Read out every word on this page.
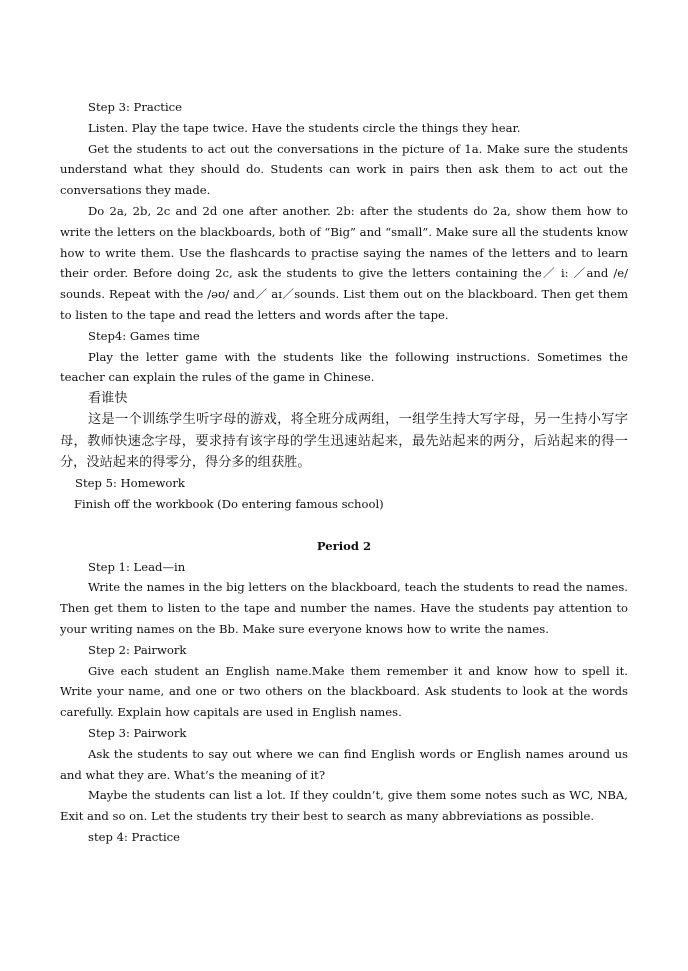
Step 3: Practice

Listen. Play the tape twice. Have the students circle the things they hear.

Get the students to act out the conversations in the picture of 1a. Make sure the students understand what they should do. Students can work in pairs then ask them to act out the conversations they made.

Do 2a, 2b, 2c and 2d one after another. 2b: after the students do 2a, show them how to write the letters on the blackboards, both of “Big” and “small”. Make sure all the students know how to write them. Use the flashcards to practise saying the names of the letters and to learn their order. Before doing 2c, ask the students to give the letters containing the／ i: ／and /e/ sounds. Repeat with the /əʊ/ and／ aɪ／sounds. List them out on the blackboard. Then get them to listen to the tape and read the letters and words after the tape.

Step4: Games time

Play the letter game with the students like the following instructions. Sometimes the teacher can explain the rules of the game in Chinese.

看谁快

这是一个训练学生听字母的游戏，将全班分成两组，一组学生持大写字母，另一生持小写字母，教师快速念字母，要求持有该字母的学生迅速站起来，最先站起来的两分，后站起来的得一分，没站起来的得零分，得分多的组获胜。

Step 5: Homework

Finish off the workbook (Do entering famous school)

Period 2

Step 1: Lead—in

Write the names in the big letters on the blackboard, teach the students to read the names. Then get them to listen to the tape and number the names. Have the students pay attention to your writing names on the Bb. Make sure everyone knows how to write the names.

Step 2: Pairwork

Give each student an English name.Make them remember it and know how to spell it. Write your name, and one or two others on the blackboard. Ask students to look at the words carefully. Explain how capitals are used in English names.

Step 3: Pairwork

Ask the students to say out where we can find English words or English names around us and what they are. What’s the meaning of it?

Maybe the students can list a lot. If they couldn’t, give them some notes such as WC, NBA, Exit and so on. Let the students try their best to search as many abbreviations as possible.

step 4: Practice
